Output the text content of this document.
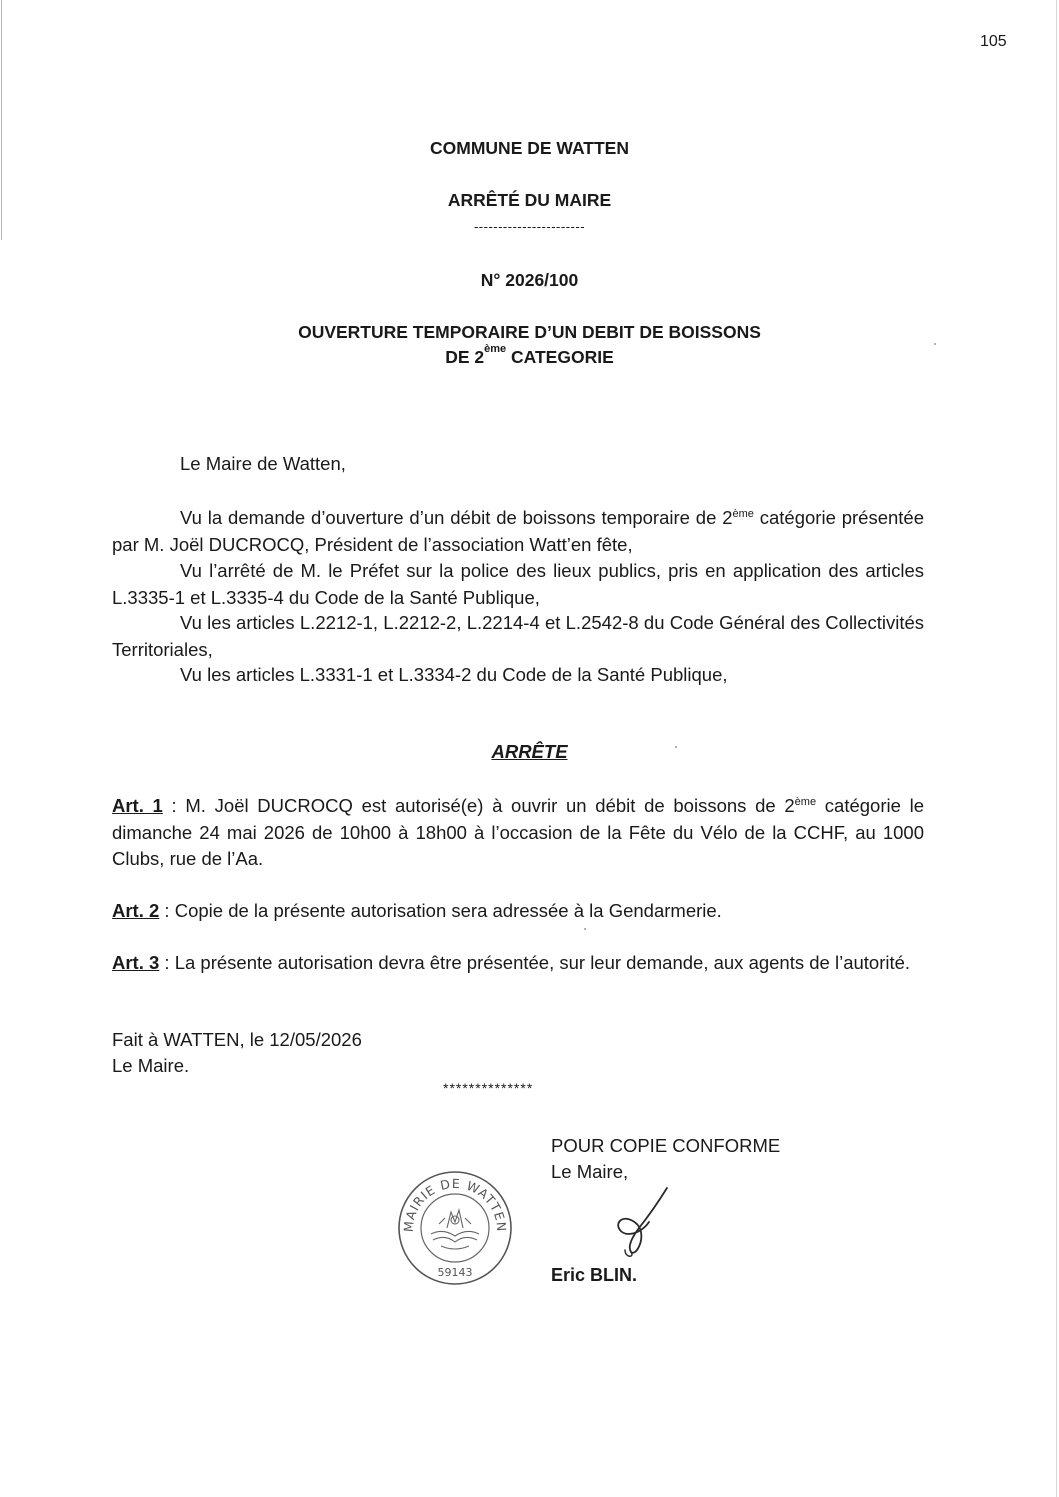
105
COMMUNE DE WATTEN
ARRÊTÉ DU MAIRE
-----------------------
N° 2026/100
OUVERTURE TEMPORAIRE D’UN DEBIT DE BOISSONS
DE 2ème CATEGORIE
Le Maire de Watten,
Vu la demande d’ouverture d’un débit de boissons temporaire de 2ème catégorie présentée par M. Joël DUCROCQ, Président de l’association Watt’en fête,
Vu l’arrêté de M. le Préfet sur la police des lieux publics, pris en application des articles L.3335-1 et L.3335-4 du Code de la Santé Publique,
Vu les articles L.2212-1, L.2212-2, L.2214-4 et L.2542-8 du Code Général des Collectivités Territoriales,
Vu les articles L.3331-1 et L.3334-2 du Code de la Santé Publique,
ARRÊTE
Art. 1 : M. Joël DUCROCQ est autorisé(e) à ouvrir un débit de boissons de 2ème catégorie le dimanche 24 mai 2026 de 10h00 à 18h00 à l’occasion de la Fête du Vélo de la CCHF, au 1000 Clubs, rue de l’Aa.
Art. 2 : Copie de la présente autorisation sera adressée à la Gendarmerie.
Art. 3 : La présente autorisation devra être présentée, sur leur demande, aux agents de l’autorité.
Fait à WATTEN, le 12/05/2026
Le Maire.
**************
POUR COPIE CONFORME
Le Maire,
MAIRIE DE WATTEN
59143	Eric BLIN.
